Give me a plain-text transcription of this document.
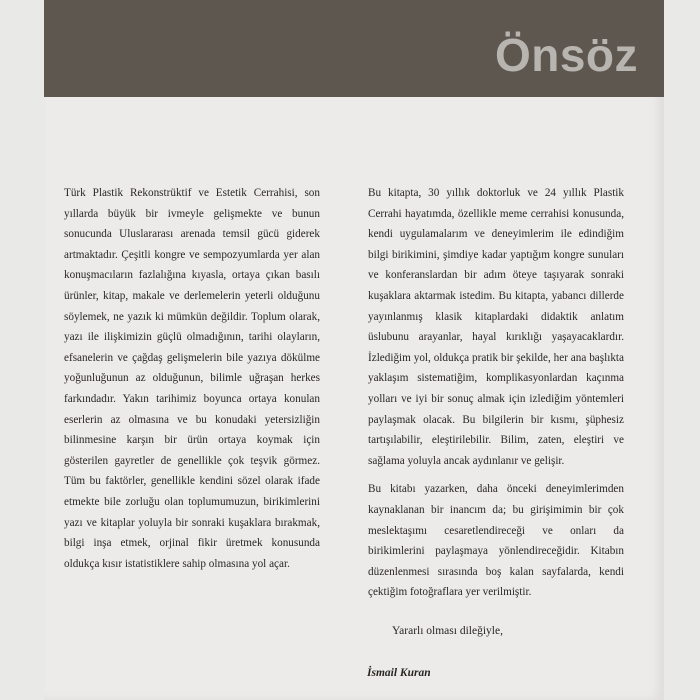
Önsöz

Türk Plastik Rekonstrüktif ve Estetik Cerrahisi, son yıllarda büyük bir ivmeyle gelişmekte ve bunun sonucunda Uluslararası arenada temsil gücü giderek artmaktadır. Çeşitli kongre ve sempozyumlarda yer alan konuşmacıların fazlalığına kıyasla, ortaya çıkan basılı ürünler, kitap, makale ve derlemelerin yeterli olduğunu söylemek, ne yazık ki mümkün değildir. Toplum olarak, yazı ile ilişkimizin güçlü olmadığının, tarihi olayların, efsanelerin ve çağdaş gelişmelerin bile yazıya dökülme yoğunluğunun az olduğunun, bilimle uğraşan herkes farkındadır. Yakın tarihimiz boyunca ortaya konulan eserlerin az olmasına ve bu konudaki yetersizliğin bilinmesine karşın bir ürün ortaya koymak için gösterilen gayretler de genellikle çok teşvik görmez. Tüm bu faktörler, genellikle kendini sözel olarak ifade etmekte bile zorluğu olan toplumumuzun, birikimlerini yazı ve kitaplar yoluyla bir sonraki kuşaklara bırakmak, bilgi inşa etmek, orjinal fikir üretmek konusunda oldukça kısır istatistiklere sahip olmasına yol açar.

Bu kitapta, 30 yıllık doktorluk ve 24 yıllık Plastik Cerrahi hayatımda, özellikle meme cerrahisi konusunda, kendi uygulamalarım ve deneyimlerim ile edindiğim bilgi birikimini, şimdiye kadar yaptığım kongre sunuları ve konferanslardan bir adım öteye taşıyarak sonraki kuşaklara aktarmak istedim. Bu kitapta, yabancı dillerde yayınlanmış klasik kitaplardaki didaktik anlatım üslubunu arayanlar, hayal kırıklığı yaşayacaklardır. İzlediğim yol, oldukça pratik bir şekilde, her ana başlıkta yaklaşım sistematiğim, komplikasyonlardan kaçınma yolları ve iyi bir sonuç almak için izlediğim yöntemleri paylaşmak olacak. Bu bilgilerin bir kısmı, şüphesiz tartışılabilir, eleştirilebilir. Bilim, zaten, eleştiri ve sağlama yoluyla ancak aydınlanır ve gelişir.

Bu kitabı yazarken, daha önceki deneyimlerimden kaynaklanan bir inancım da; bu girişimimin bir çok meslektaşımı cesaretlendireceği ve onları da birikimlerini paylaşmaya yönlendireceğidir. Kitabın düzenlenmesi sırasında boş kalan sayfalarda, kendi çektiğim fotoğraflara yer verilmiştir.

Yararlı olması dileğiyle,
İsmail Kuran
